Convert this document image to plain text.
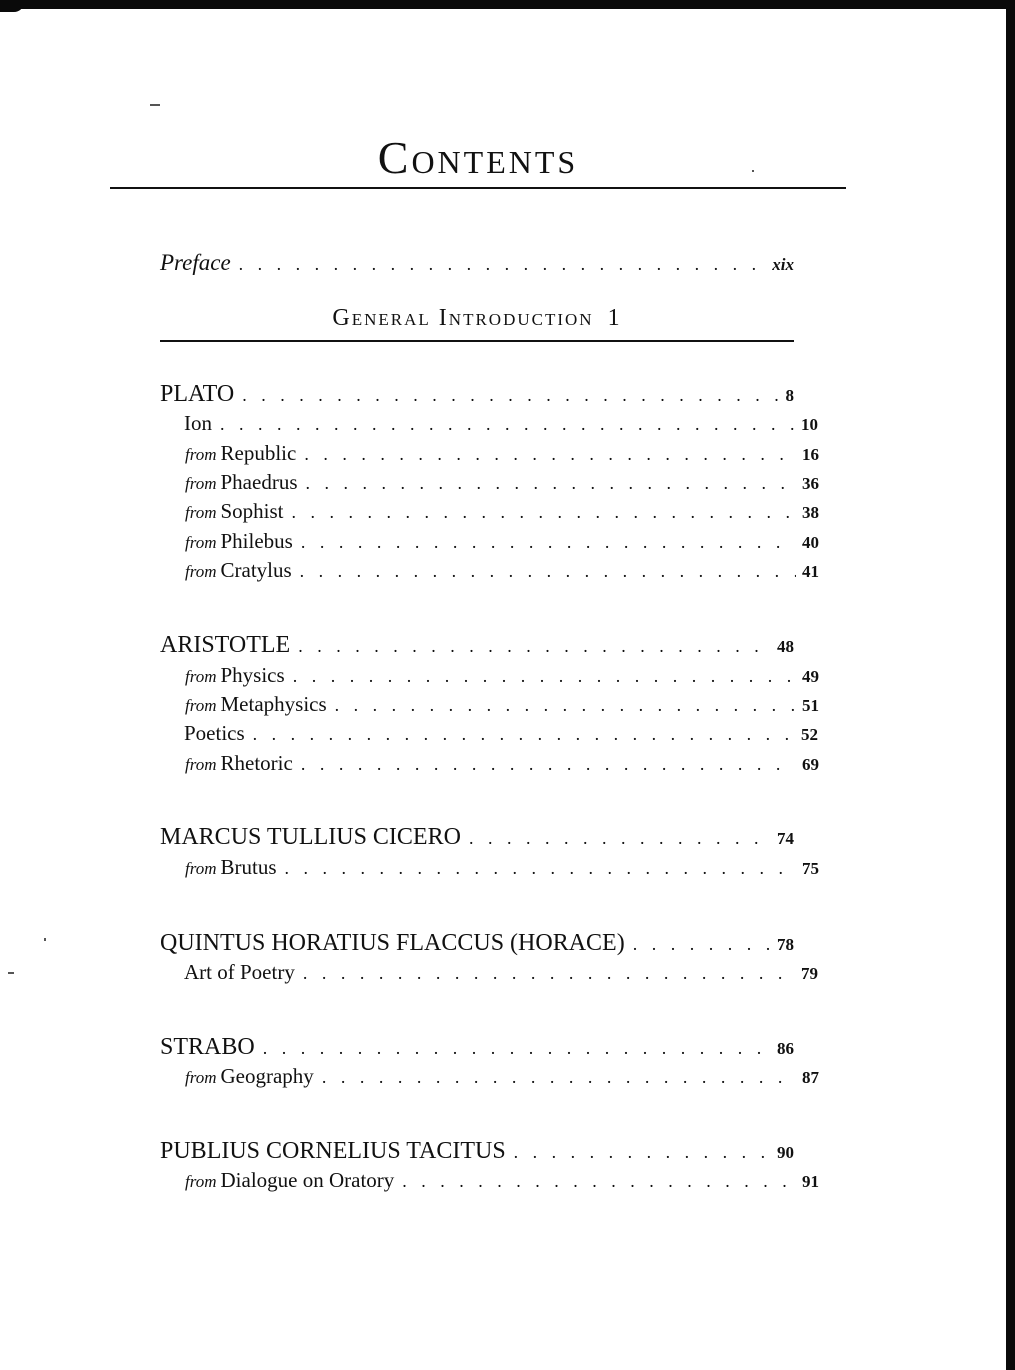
Contents
Preface . . .	xix
General Introduction 1
PLATO . . .	8
Ion . . .	10
from Republic . . .	16
from Phaedrus . . .	36
from Sophist . . .	38
from Philebus . . .	40
from Cratylus . . .	41
ARISTOTLE . . .	48
from Physics . . .	49
from Metaphysics . . .	51
Poetics . . .	52
from Rhetoric . . .	69
MARCUS TULLIUS CICERO . . .	74
from Brutus . . .	75
QUINTUS HORATIUS FLACCUS (HORACE) . . .	78
Art of Poetry . . .	79
STRABO . . .	86
from Geography . . .	87
PUBLIUS CORNELIUS TACITUS . . .	90
from Dialogue on Oratory . . .	91
